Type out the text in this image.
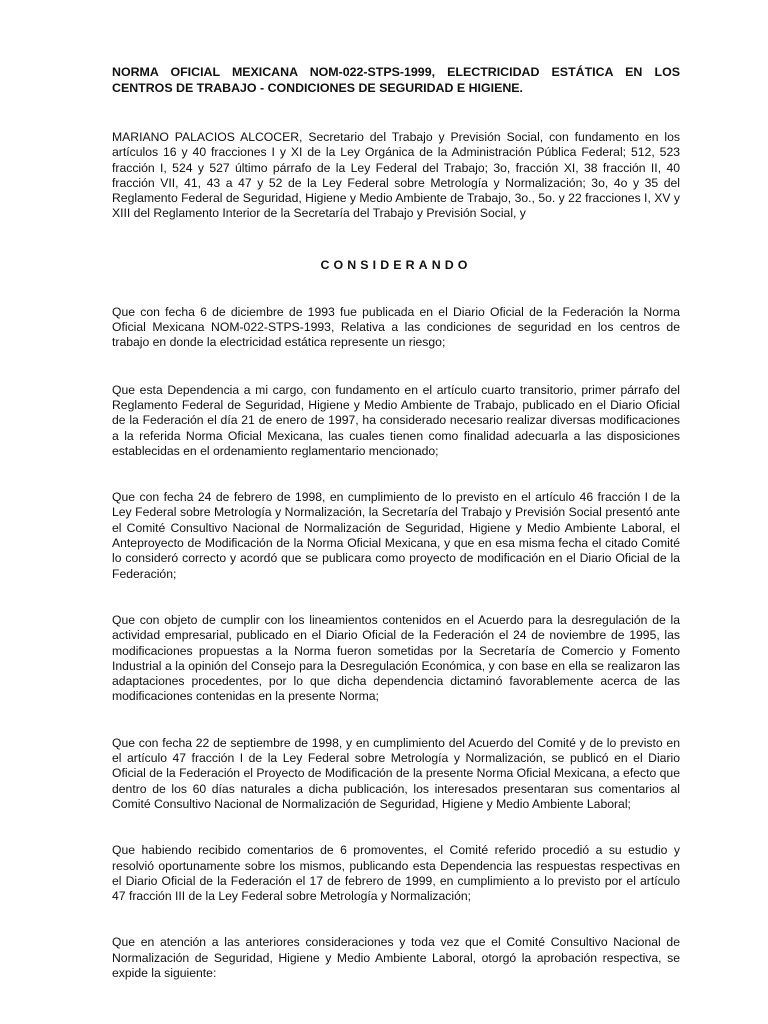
NORMA OFICIAL MEXICANA NOM-022-STPS-1999, ELECTRICIDAD ESTÁTICA EN LOS CENTROS DE TRABAJO - CONDICIONES DE SEGURIDAD E HIGIENE.

MARIANO PALACIOS ALCOCER, Secretario del Trabajo y Previsión Social, con fundamento en los artículos 16 y 40 fracciones I y XI de la Ley Orgánica de la Administración Pública Federal; 512, 523 fracción I, 524 y 527 último párrafo de la Ley Federal del Trabajo; 3o, fracción XI, 38 fracción II, 40 fracción VII, 41, 43 a 47 y 52 de la Ley Federal sobre Metrología y Normalización; 3o, 4o y 35 del Reglamento Federal de Seguridad, Higiene y Medio Ambiente de Trabajo, 3o., 5o. y 22 fracciones I, XV y XIII del Reglamento Interior de la Secretaría del Trabajo y Previsión Social, y

CONSIDERANDO

Que con fecha 6 de diciembre de 1993 fue publicada en el Diario Oficial de la Federación la Norma Oficial Mexicana NOM-022-STPS-1993, Relativa a las condiciones de seguridad en los centros de trabajo en donde la electricidad estática represente un riesgo;

Que esta Dependencia a mi cargo, con fundamento en el artículo cuarto transitorio, primer párrafo del Reglamento Federal de Seguridad, Higiene y Medio Ambiente de Trabajo, publicado en el Diario Oficial de la Federación el día 21 de enero de 1997, ha considerado necesario realizar diversas modificaciones a la referida Norma Oficial Mexicana, las cuales tienen como finalidad adecuarla a las disposiciones establecidas en el ordenamiento reglamentario mencionado;

Que con fecha 24 de febrero de 1998, en cumplimiento de lo previsto en el artículo 46 fracción I de la Ley Federal sobre Metrología y Normalización, la Secretaría del Trabajo y Previsión Social presentó ante el Comité Consultivo Nacional de Normalización de Seguridad, Higiene y Medio Ambiente Laboral, el Anteproyecto de Modificación de la Norma Oficial Mexicana, y que en esa misma fecha el citado Comité lo consideró correcto y acordó que se publicara como proyecto de modificación en el Diario Oficial de la Federación;

Que con objeto de cumplir con los lineamientos contenidos en el Acuerdo para la desregulación de la actividad empresarial, publicado en el Diario Oficial de la Federación el 24 de noviembre de 1995, las modificaciones propuestas a la Norma fueron sometidas por la Secretaría de Comercio y Fomento Industrial a la opinión del Consejo para la Desregulación Económica, y con base en ella se realizaron las adaptaciones procedentes, por lo que dicha dependencia dictaminó favorablemente acerca de las modificaciones contenidas en la presente Norma;

Que con fecha 22 de septiembre de 1998, y en cumplimiento del Acuerdo del Comité y de lo previsto en el artículo 47 fracción I de la Ley Federal sobre Metrología y Normalización, se publicó en el Diario Oficial de la Federación el Proyecto de Modificación de la presente Norma Oficial Mexicana, a efecto que dentro de los 60 días naturales a dicha publicación, los interesados presentaran sus comentarios al Comité Consultivo Nacional de Normalización de Seguridad, Higiene y Medio Ambiente Laboral;

Que habiendo recibido comentarios de 6 promoventes, el Comité referido procedió a su estudio y resolvió oportunamente sobre los mismos, publicando esta Dependencia las respuestas respectivas en el Diario Oficial de la Federación el 17 de febrero de 1999, en cumplimiento a lo previsto por el artículo 47 fracción III de la Ley Federal sobre Metrología y Normalización;

Que en atención a las anteriores consideraciones y toda vez que el Comité Consultivo Nacional de Normalización de Seguridad, Higiene y Medio Ambiente Laboral, otorgó la aprobación respectiva, se expide la siguiente:
